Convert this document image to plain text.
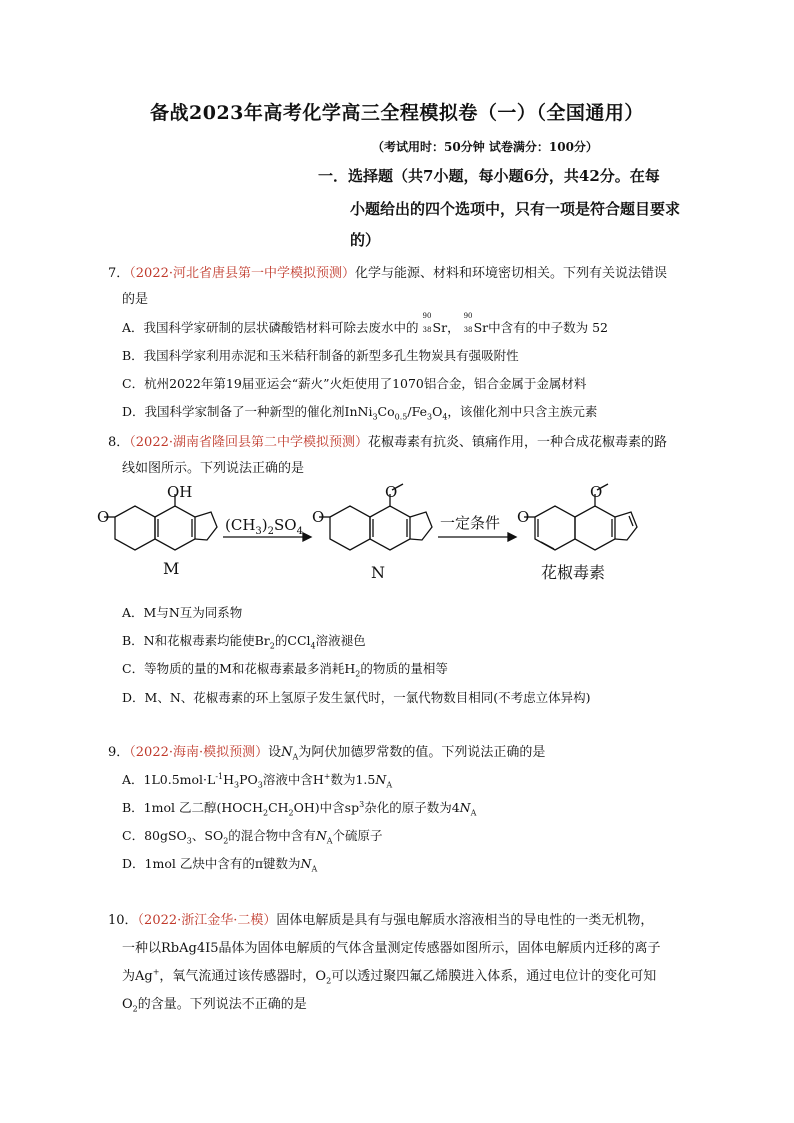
备战2023年高考化学高三全程模拟卷（一）（全国通用）
（考试用时：50分钟 试卷满分：100分）
一．选择题（共7小题，每小题6分，共42分。在每
小题给出的四个选项中，只有一项是符合题目要求
的）
7．（2022·河北省唐县第一中学模拟预测）化学与能源、材料和环境密切相关。下列有关说法错误
的是
A．我国科学家研制的层状磷酸锆材料可除去废水中的
90
38 Sr，
90
38 Sr中含有的中子数为 52
B．我国科学家利用赤泥和玉米秸秆制备的新型多孔生物炭具有强吸附性
C．杭州2022年第19届亚运会“薪火”火炬使用了1070铝合金，铝合金属于金属材料
D．我国科学家制备了一种新型的催化剂$InNi_3Co_{0.5}/Fe_3O_4$，该催化剂中只含主族元素
8．（2022·湖南省隆回县第二中学模拟预测）花椒毒素有抗炎、镇痛作用，一种合成花椒毒素的路
线如图所示。下列说法正确的是
O
OH
O
O
O
O
M	N	花椒毒素
$(CH_3)_2SO_4$	一定条件
A．M与N互为同系物
B．N和花椒毒素均能使$Br_2$的CCl$_4$溶液褪色
C．等物质的量的M和花椒毒素最多消耗$H_2$的物质的量相等
D．M、N、花椒毒素的环上氢原子发生氯代时，一氯代物数目相同(不考虑立体异构)
9．（2022·海南·模拟预测）设$N_A$为阿伏加德罗常数的值。下列说法正确的是
A．$1L0.5mol\cdot L^{-1}H_3PO_3$溶液中含H+数为$1.5N_A$
B．1mol 乙二醇$(HOCH_2CH_2OH)$中含$sp^3$杂化的原子数为$4N_A$
C．80gSO$_3$、$SO_2$的混合物中含有$N_A$个硫原子
D．1mol 乙炔中含有的π键数为$N_A$
10．（2022·浙江金华·二模）固体电解质是具有与强电解质水溶液相当的导电性的一类无机物，
一种以RbAg4I5晶体为固体电解质的气体含量测定传感器如图所示，固体电解质内迁移的离子
为Ag+，氧气流通过该传感器时，$O_2$可以透过聚四氟乙烯膜进入体系，通过电位计的变化可知
$O_2$的含量。下列说法不正确的是
